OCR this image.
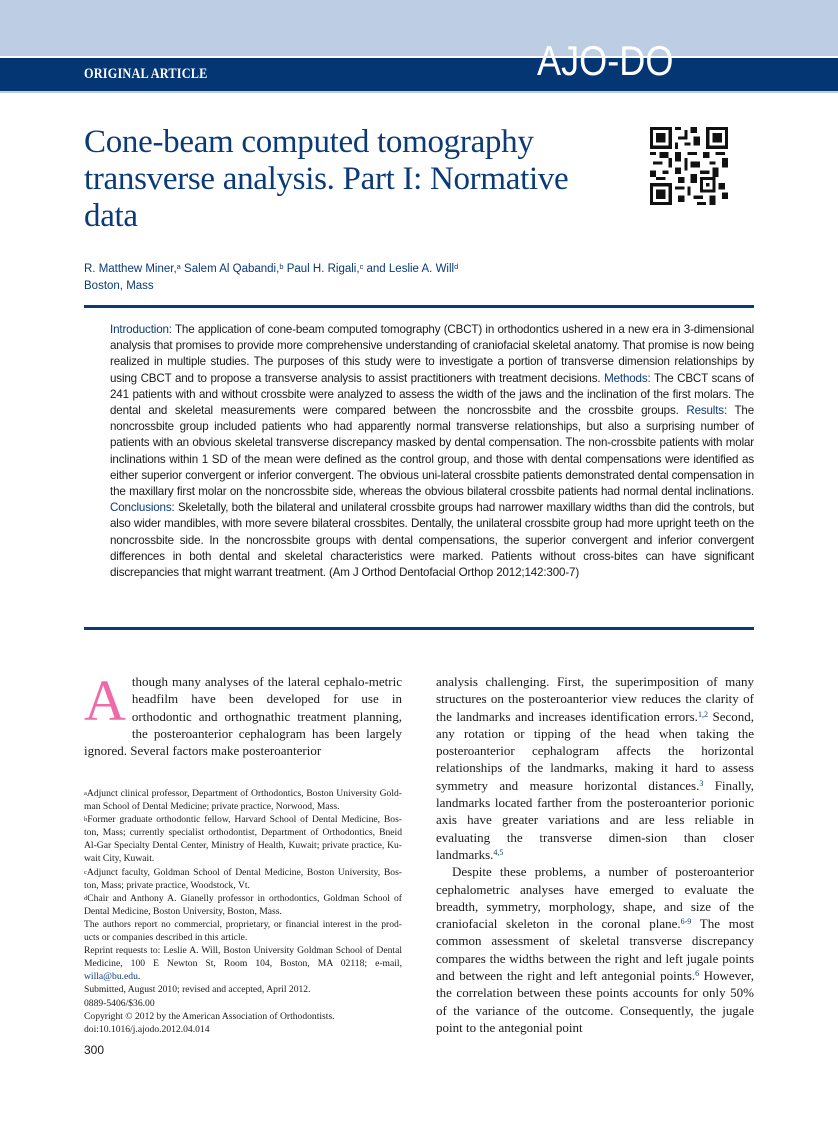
ORIGINAL ARTICLE	AJO-DO
Cone-beam computed tomography transverse analysis. Part I: Normative data
R. Matthew Miner,$^a$ Salem Al Qabandi,$^b$ Paul H. Rigali,$^c$ and Leslie A. Will$^d$
Boston, Mass

Introduction: The application of cone-beam computed tomography (CBCT) in orthodontics ushered in a new era in 3-dimensional analysis that promises to provide more comprehensive understanding of craniofacial skeletal anatomy. That promise is now being realized in multiple studies. The purposes of this study were to investigate a portion of transverse dimension relationships by using CBCT and to propose a transverse analysis to assist practitioners with treatment decisions. Methods: The CBCT scans of 241 patients with and without crossbite were analyzed to assess the width of the jaws and the inclination of the first molars. The dental and skeletal measurements were compared between the noncrossbite and the crossbite groups. Results: The noncrossbite group included patients who had apparently normal transverse relationships, but also a surprising number of patients with an obvious skeletal transverse discrepancy masked by dental compensation. The non-crossbite patients with molar inclinations within 1 SD of the mean were defined as the control group, and those with dental compensations were identified as either superior convergent or inferior convergent. The obvious uni-lateral crossbite patients demonstrated dental compensation in the maxillary first molar on the noncrossbite side, whereas the obvious bilateral crossbite patients had normal dental inclinations. Conclusions: Skeletally, both the bilateral and unilateral crossbite groups had narrower maxillary widths than did the controls, but also wider mandibles, with more severe bilateral crossbites. Dentally, the unilateral crossbite group had more upright teeth on the noncrossbite side. In the noncrossbite groups with dental compensations, the superior convergent and inferior convergent differences in both dental and skeletal characteristics were marked. Patients without cross-bites can have significant discrepancies that might warrant treatment. (Am J Orthod Dentofacial Orthop 2012;142:300-7)

Athough many analyses of the lateral cephalo-metric headfilm have been developed for use in orthodontic and orthognathic treatment planning, the posteroanterior cephalogram has been largely ignored. Several factors make posteroanterior

analysis challenging. First, the superimposition of many structures on the posteroanterior view reduces the clarity of the landmarks and increases identification errors.$^{1,2}$ Second, any rotation or tipping of the head when taking the posteroanterior cephalogram affects the horizontal relationships of the landmarks, making it hard to assess symmetry and measure horizontal distances.$^3$ Finally, landmarks located farther from the posteroanterior porionic axis have greater variations and are less reliable in evaluating the transverse dimen-sion than closer landmarks.$^{4,5}$
Despite these problems, a number of posteroanterior cephalometric analyses have emerged to evaluate the breadth, symmetry, morphology, shape, and size of the craniofacial skeleton in the coronal plane.$^{6-9}$ The most common assessment of skeletal transverse discrepancy compares the widths between the right and left jugale points and between the right and left antegonial points.$^6$ However, the correlation between these points accounts for only 50% of the variance of the outcome. Consequently, the jugale point to the antegonial point

$^a$Adjunct clinical professor, Department of Orthodontics, Boston University Gold-man School of Dental Medicine; private practice, Norwood, Mass.

$^b$Former graduate orthodontic fellow, Harvard School of Dental Medicine, Bos-ton, Mass; currently specialist orthodontist, Department of Orthodontics, Bneid Al-Gar Specialty Dental Center, Ministry of Health, Kuwait; private practice, Ku-wait City, Kuwait.

$^c$Adjunct faculty, Goldman School of Dental Medicine, Boston University, Bos-ton, Mass; private practice, Woodstock, Vt.

$^d$Chair and Anthony A. Gianelly professor in orthodontics, Goldman School of Dental Medicine, Boston University, Boston, Mass.

The authors report no commercial, proprietary, or financial interest in the prod-ucts or companies described in this article.

Reprint requests to: Leslie A. Will, Boston University Goldman School of Dental Medicine, 100 E Newton St, Room 104, Boston, MA 02118; e-mail, willa@bu.edu.

Submitted, August 2010; revised and accepted, April 2012.

0889-5406/$36.00

Copyright © 2012 by the American Association of Orthodontists.

doi:10.1016/j.ajodo.2012.04.014

300
